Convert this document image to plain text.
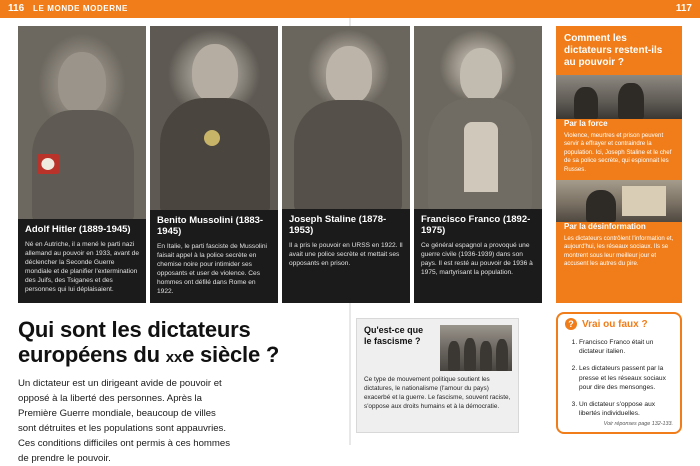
116 LE MONDE MODERNE	117
Adolf Hitler (1889-1945)

Né en Autriche, il a mené le parti nazi allemand au pouvoir en 1933, avant de déclencher la Seconde Guerre mondiale et de planifier l'extermination des Juifs, des Tsiganes et des personnes qui lui déplaisaient.

Benito Mussolini (1883-1945)

En Italie, le parti fasciste de Mussolini faisait appel à la police secrète en chemise noire pour intimider ses opposants et user de violence. Ces hommes ont défilé dans Rome en 1922.

Joseph Staline (1878-1953)

Il a pris le pouvoir en URSS en 1922. Il avait une police secrète et mettait ses opposants en prison.

Francisco Franco (1892-1975)

Ce général espagnol a provoqué une guerre civile (1936-1939) dans son pays. Il est resté au pouvoir de 1936 à 1975, martyrisant la population.

Qui sont les dictateurs
européens du xxe siècle ?

Un dictateur est un dirigeant avide de pouvoir et opposé à la liberté des personnes. Après la Première Guerre mondiale, beaucoup de villes sont détruites et les populations sont appauvries. Ces conditions difficiles ont permis à ces hommes de prendre le pouvoir.

Qu'est-ce que le fascisme ?

Ce type de mouvement politique soutient les dictatures, le nationalisme (l'amour du pays) exacerbé et la guerre. Le fascisme, souvent raciste, s'oppose aux droits humains et à la démocratie.

Comment les dictateurs restent-ils au pouvoir ?
Par la force

Violence, meurtres et prison peuvent servir à effrayer et contraindre la population. Ici, Joseph Staline et le chef de sa police secrète, qui espionnait les Russes.

Par la désinformation

Les dictateurs contrôlent l'information et, aujourd'hui, les réseaux sociaux. Ils se montrent sous leur meilleur jour et accusent les autres du pire.

? Vrai ou faux ?
1. Francisco Franco était un dictateur italien.
2. Les dictateurs passent par la presse et les réseaux sociaux pour dire des mensonges.
3. Un dictateur s'oppose aux libertés individuelles.
Voir réponses page 132-133.
